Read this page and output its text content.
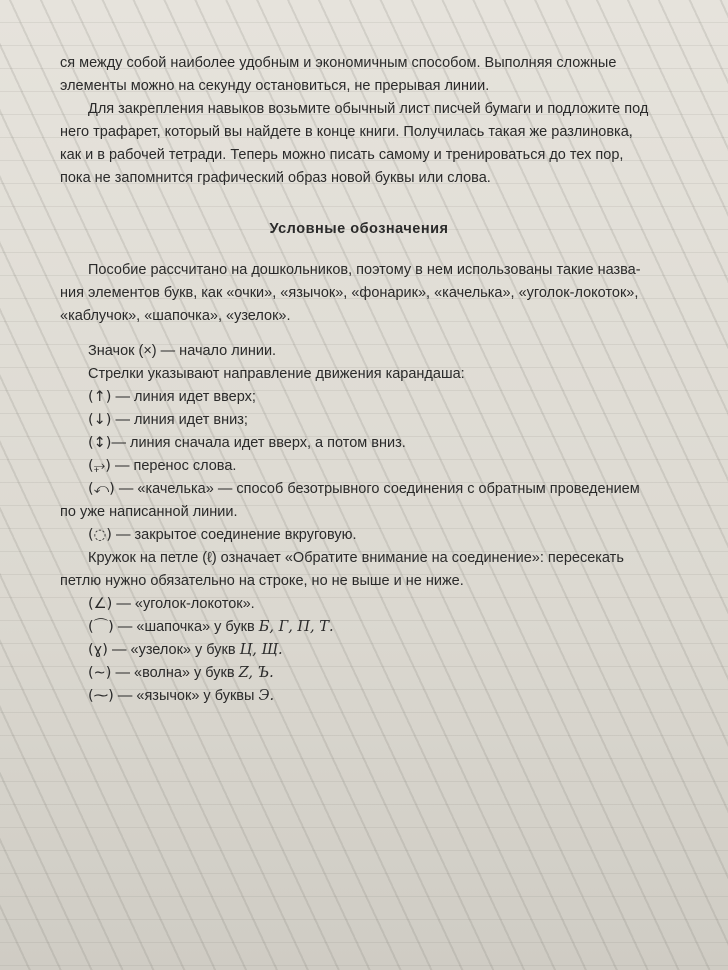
ся между собой наиболее удобным и экономичным способом. Выполняя сложные

элементы можно на секунду остановиться, не прерывая линии.

Для закрепления навыков возьмите обычный лист писчей бумаги и подложите под

него трафарет, который вы найдете в конце книги. Получилась такая же разлиновка,

как и в рабочей тетради. Теперь можно писать самому и тренироваться до тех пор,

пока не запомнится графический образ новой буквы или слова.

Условные обозначения

Пособие рассчитано на дошкольников, поэтому в нем использованы такие назва-

ния элементов букв, как «очки», «язычок», «фонарик», «качелька», «уголок-локоток»,

«каблучок», «шапочка», «узелок».

Значок (×) — начало линии.

Стрелки указывают направление движения карандаша:

(↑) — линия идет вверх;

(↓) — линия идет вниз;

(↕)— линия сначала идет вверх, а потом вниз.

(⥅) — перенос слова.

(⤺) — «качелька» — способ безотрывного соединения с обратным проведением

по уже написанной линии.

(◌) — закрытое соединение вкруговую.

Кружок на петле (ℓ) означает «Обратите внимание на соединение»: пересекать

петлю нужно обязательно на строке, но не выше и не ниже.

(∠) — «уголок-локоток».

(⌒) — «шапочка» у букв Б, Г, П, Т.

(ɣ) — «узелок» у букв Ц, Щ.

(∼) — «волна» у букв Z, Ъ.

(⁓) — «язычок» у буквы Э.
